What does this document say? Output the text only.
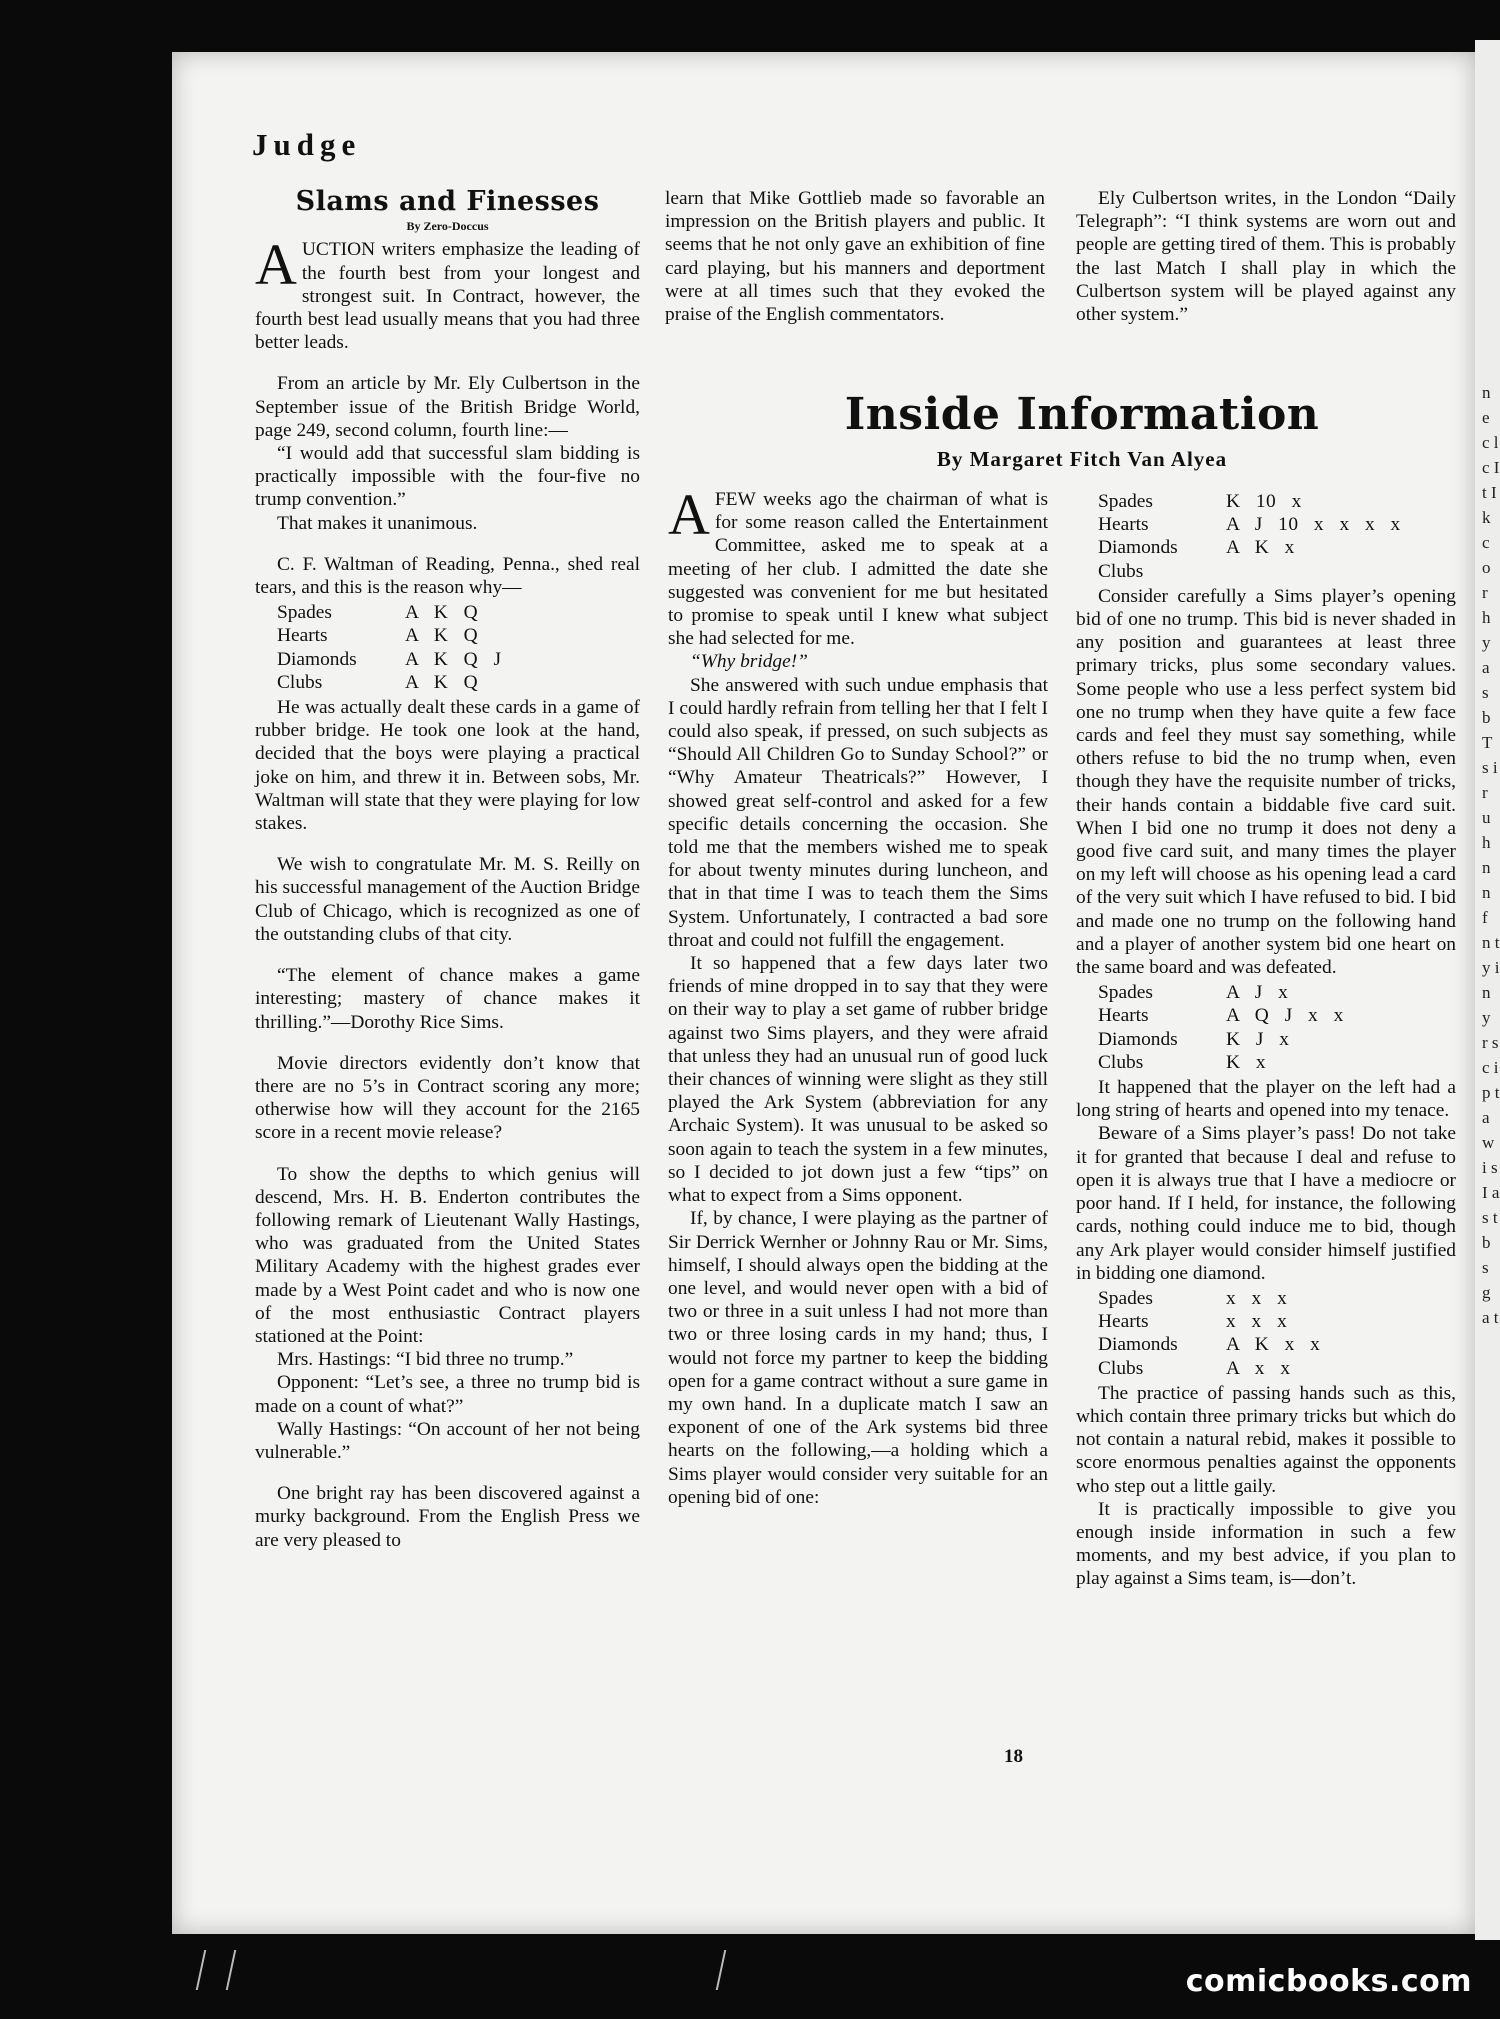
Judge
Slams and Finesses
By Zero-Doccus

AUCTION writers emphasize the leading of the fourth best from your longest and strongest suit. In Contract, however, the fourth best lead usually means that you had three better leads.

From an article by Mr. Ely Culbertson in the September issue of the British Bridge World, page 249, second column, fourth line:—

“I would add that successful slam bidding is practically impossible with the four-five no trump convention.”

That makes it unanimous.

C. F. Waltman of Reading, Penna., shed real tears, and this is the reason why—

Spades	A K Q
Hearts	A K Q
Diamonds	A K Q J
Clubs	A K Q

He was actually dealt these cards in a game of rubber bridge. He took one look at the hand, decided that the boys were playing a practical joke on him, and threw it in. Between sobs, Mr. Waltman will state that they were playing for low stakes.

We wish to congratulate Mr. M. S. Reilly on his successful management of the Auction Bridge Club of Chicago, which is recognized as one of the outstanding clubs of that city.

“The element of chance makes a game interesting; mastery of chance makes it thrilling.”—Dorothy Rice Sims.

Movie directors evidently don’t know that there are no 5’s in Contract scoring any more; otherwise how will they account for the 2165 score in a recent movie release?

To show the depths to which genius will descend, Mrs. H. B. Enderton contributes the following remark of Lieutenant Wally Hastings, who was graduated from the United States Military Academy with the highest grades ever made by a West Point cadet and who is now one of the most enthusiastic Contract players stationed at the Point:

Mrs. Hastings: “I bid three no trump.”

Opponent: “Let’s see, a three no trump bid is made on a count of what?”

Wally Hastings: “On account of her not being vulnerable.”

One bright ray has been discovered against a murky background. From the English Press we are very pleased to

learn that Mike Gottlieb made so favorable an impression on the British players and public. It seems that he not only gave an exhibition of fine card playing, but his manners and deportment were at all times such that they evoked the praise of the English commentators.

Ely Culbertson writes, in the London “Daily Telegraph”: “I think systems are worn out and people are getting tired of them. This is probably the last Match I shall play in which the Culbertson system will be played against any other system.”

Inside Information
By Margaret Fitch Van Alyea

AFEW weeks ago the chairman of what is for some reason called the Entertainment Committee, asked me to speak at a meeting of her club. I admitted the date she suggested was convenient for me but hesitated to promise to speak until I knew what subject she had selected for me.

“Why bridge!”

She answered with such undue emphasis that I could hardly refrain from telling her that I felt I could also speak, if pressed, on such subjects as “Should All Children Go to Sunday School?” or “Why Amateur Theatricals?” However, I showed great self-control and asked for a few specific details concerning the occasion. She told me that the members wished me to speak for about twenty minutes during luncheon, and that in that time I was to teach them the Sims System. Unfortunately, I contracted a bad sore throat and could not fulfill the engagement.

It so happened that a few days later two friends of mine dropped in to say that they were on their way to play a set game of rubber bridge against two Sims players, and they were afraid that unless they had an unusual run of good luck their chances of winning were slight as they still played the Ark System (abbreviation for any Archaic System). It was unusual to be asked so soon again to teach the system in a few minutes, so I decided to jot down just a few “tips” on what to expect from a Sims opponent.

If, by chance, I were playing as the partner of Sir Derrick Wernher or Johnny Rau or Mr. Sims, himself, I should always open the bidding at the one level, and would never open with a bid of two or three in a suit unless I had not more than two or three losing cards in my hand; thus, I would not force my partner to keep the bidding open for a game contract without a sure game in my own hand. In a duplicate match I saw an exponent of one of the Ark systems bid three hearts on the following,—a holding which a Sims player would consider very suitable for an opening bid of one:

Spades	K 10 x
Hearts	A J 10 x x x x
Diamonds	A K x
Clubs	

Consider carefully a Sims player’s opening bid of one no trump. This bid is never shaded in any position and guarantees at least three primary tricks, plus some secondary values. Some people who use a less perfect system bid one no trump when they have quite a few face cards and feel they must say something, while others refuse to bid the no trump when, even though they have the requisite number of tricks, their hands contain a biddable five card suit. When I bid one no trump it does not deny a good five card suit, and many times the player on my left will choose as his opening lead a card of the very suit which I have refused to bid. I bid and made one no trump on the following hand and a player of another system bid one heart on the same board and was defeated.

Spades	A J x
Hearts	A Q J x x
Diamonds	K J x
Clubs	K x

It happened that the player on the left had a long string of hearts and opened into my tenace.

Beware of a Sims player’s pass! Do not take it for granted that because I deal and refuse to open it is always true that I have a mediocre or poor hand. If I held, for instance, the following cards, nothing could induce me to bid, though any Ark player would consider himself justified in bidding one diamond.

Spades	x x x
Hearts	x x x
Diamonds	A K x x
Clubs	A x x

The practice of passing hands such as this, which contain three primary tricks but which do not contain a natural rebid, makes it possible to score enormous penalties against the opponents who step out a little gaily.

It is practically impossible to give you enough inside information in such a few moments, and my best advice, if you plan to play against a Sims team, is—don’t.

18
n e c l c I t I k c o r h y a s b T s i r u h n n f n t y i n y r s c i p t a w i s I a s t b s g a t
comicbooks.com
